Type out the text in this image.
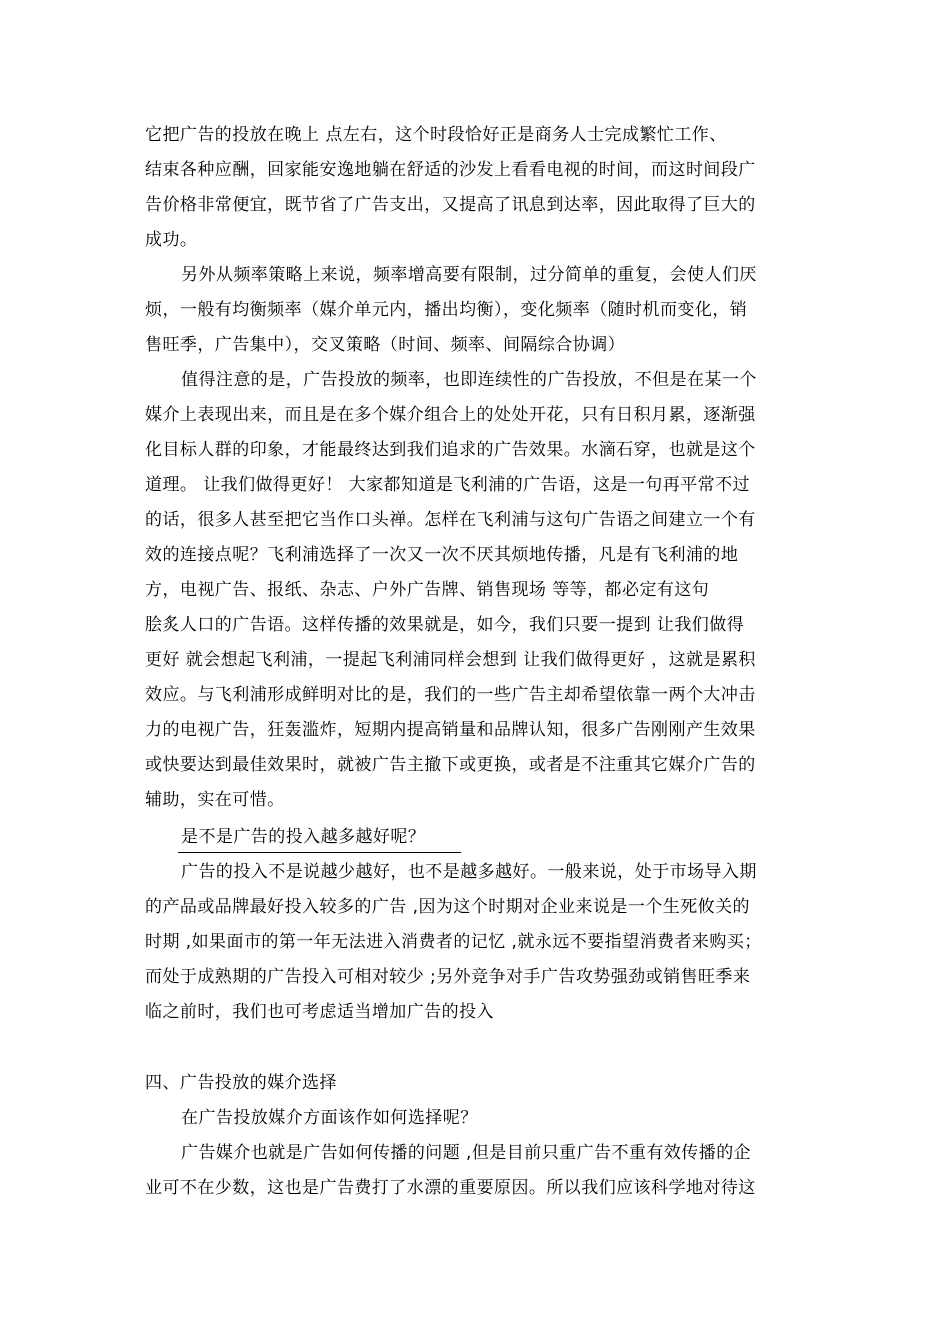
它把广告的投放在晚上 点左右，这个时段恰好正是商务人士完成繁忙工作、
结束各种应酬，回家能安逸地躺在舒适的沙发上看看电视的时间，而这时间段广
告价格非常便宜，既节省了广告支出，又提高了讯息到达率，因此取得了巨大的
成功。
另外从频率策略上来说，频率增高要有限制，过分简单的重复，会使人们厌
烦，一般有均衡频率（媒介单元内，播出均衡），变化频率（随时机而变化，销
售旺季，广告集中），交叉策略（时间、频率、间隔综合协调）
值得注意的是，广告投放的频率，也即连续性的广告投放，不但是在某一个
媒介上表现出来，而且是在多个媒介组合上的处处开花，只有日积月累，逐渐强
化目标人群的印象，才能最终达到我们追求的广告效果。水滴石穿，也就是这个
道理。 让我们做得更好！ 大家都知道是飞利浦的广告语，这是一句再平常不过
的话，很多人甚至把它当作口头禅。怎样在飞利浦与这句广告语之间建立一个有
效的连接点呢？飞利浦选择了一次又一次不厌其烦地传播，凡是有飞利浦的地
方，电视广告、报纸、杂志、户外广告牌、销售现场 等等，都必定有这句
脍炙人口的广告语。这样传播的效果就是，如今，我们只要一提到 让我们做得
更好 就会想起飞利浦，一提起飞利浦同样会想到 让我们做得更好 ，这就是累积
效应。与飞利浦形成鲜明对比的是，我们的一些广告主却希望依靠一两个大冲击
力的电视广告，狂轰滥炸，短期内提高销量和品牌认知，很多广告刚刚产生效果
或快要达到最佳效果时，就被广告主撤下或更换，或者是不注重其它媒介广告的
辅助，实在可惜。
是不是广告的投入越多越好呢？
广告的投入不是说越少越好，也不是越多越好。一般来说，处于市场导入期
的产品或品牌最好投入较多的广告 ,因为这个时期对企业来说是一个生死攸关的
时期 ,如果面市的第一年无法进入消费者的记忆 ,就永远不要指望消费者来购买；
而处于成熟期的广告投入可相对较少 ;另外竞争对手广告攻势强劲或销售旺季来
临之前时，我们也可考虑适当增加广告的投入
四、广告投放的媒介选择
在广告投放媒介方面该作如何选择呢？
广告媒介也就是广告如何传播的问题 ,但是目前只重广告不重有效传播的企
业可不在少数，这也是广告费打了水漂的重要原因。所以我们应该科学地对待这
